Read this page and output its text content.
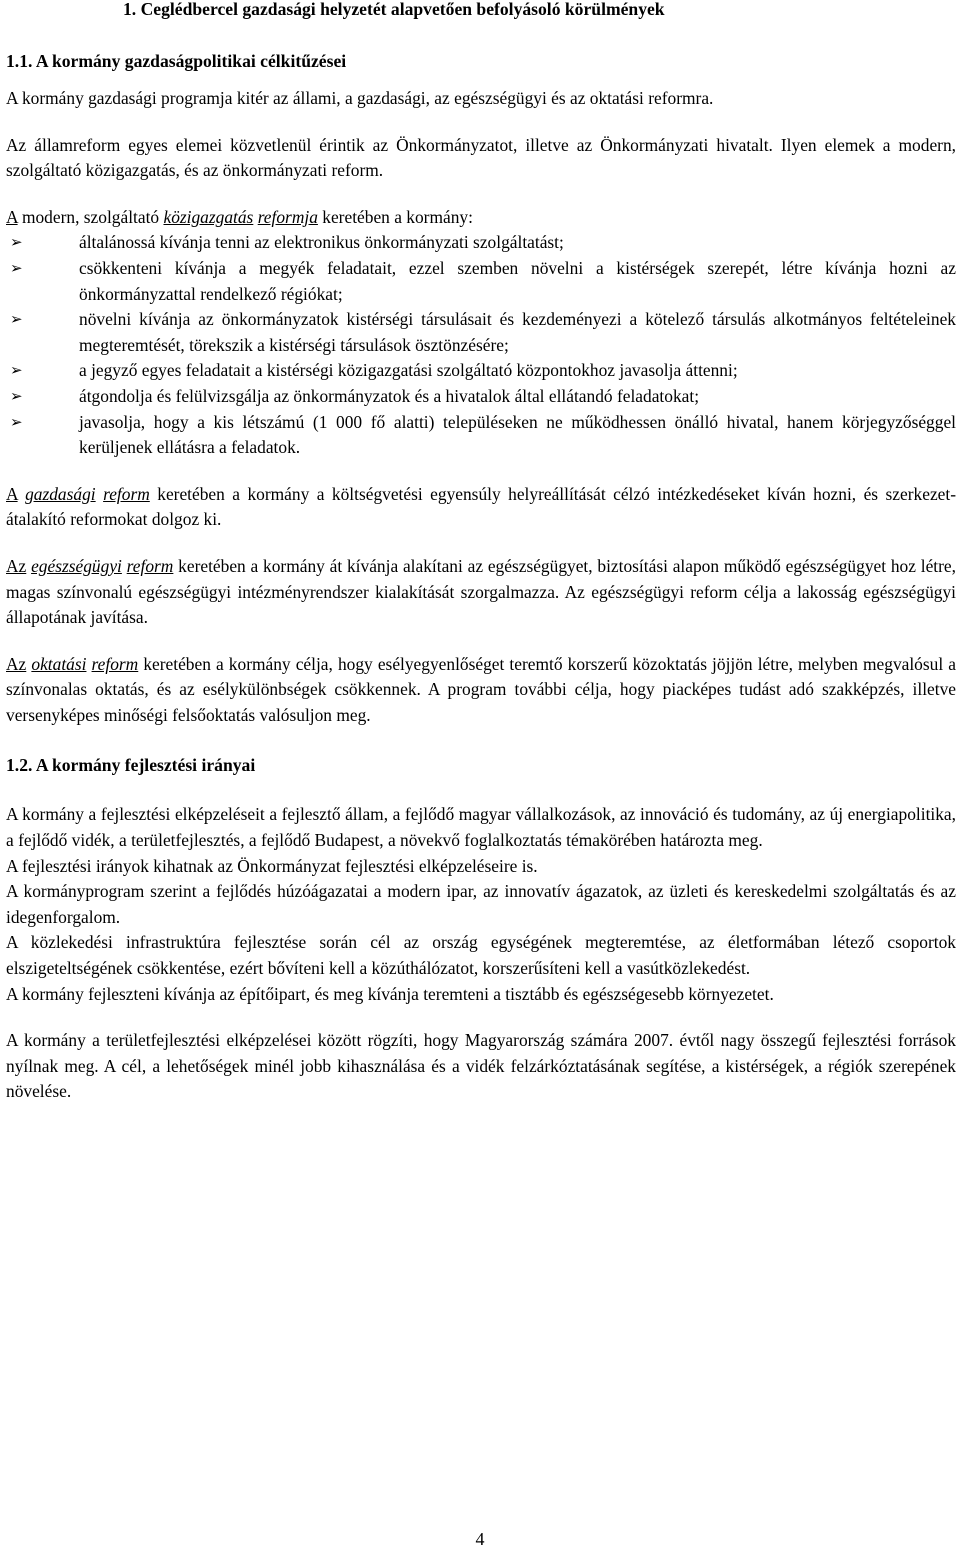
1. Ceglédbercel gazdasági helyzetét alapvetően befolyásoló körülmények

1.1. A kormány gazdaságpolitikai célkitűzései

A kormány gazdasági programja kitér az állami, a gazdasági, az egészségügyi és az oktatási reformra.

Az államreform egyes elemei közvetlenül érintik az Önkormányzatot, illetve az Önkormányzati hivatalt. Ilyen elemek a modern, szolgáltató közigazgatás, és az önkormányzati reform.

A modern, szolgáltató közigazgatás reformja keretében a kormány:

➢	általánossá kívánja tenni az elektronikus önkormányzati szolgáltatást;
➢	csökkenteni kívánja a megyék feladatait, ezzel szemben növelni a kistérségek szerepét, létre kívánja hozni az önkormányzattal rendelkező régiókat;
➢	növelni kívánja az önkormányzatok kistérségi társulásait és kezdeményezi a kötelező társulás alkotmányos feltételeinek megteremtését, törekszik a kistérségi társulások ösztönzésére;
➢	a jegyző egyes feladatait a kistérségi közigazgatási szolgáltató központokhoz javasolja áttenni;
➢	átgondolja és felülvizsgálja az önkormányzatok és a hivatalok által ellátandó feladatokat;
➢	javasolja, hogy a kis létszámú (1 000 fő alatti) településeken ne működhessen önálló hivatal, hanem körjegyzőséggel kerüljenek ellátásra a feladatok.

A gazdasági reform keretében a kormány a költségvetési egyensúly helyreállítását célzó intézkedéseket kíván hozni, és szerkezet-átalakító reformokat dolgoz ki.

Az egészségügyi reform keretében a kormány át kívánja alakítani az egészségügyet, biztosítási alapon működő egészségügyet hoz létre, magas színvonalú egészségügyi intézményrendszer kialakítását szorgalmazza. Az egészségügyi reform célja a lakosság egészségügyi állapotának javítása.

Az oktatási reform keretében a kormány célja, hogy esélyegyenlőséget teremtő korszerű közoktatás jöjjön létre, melyben megvalósul a színvonalas oktatás, és az esélykülönbségek csökkennek. A program további célja, hogy piacképes tudást adó szakképzés, illetve versenyképes minőségi felsőoktatás valósuljon meg.

1.2. A kormány fejlesztési irányai

A kormány a fejlesztési elképzeléseit a fejlesztő állam, a fejlődő magyar vállalkozások, az innováció és tudomány, az új energiapolitika, a fejlődő vidék, a területfejlesztés, a fejlődő Budapest, a növekvő foglalkoztatás témakörében határozta meg.

A fejlesztési irányok kihatnak az Önkormányzat fejlesztési elképzeléseire is.

A kormányprogram szerint a fejlődés húzóágazatai a modern ipar, az innovatív ágazatok, az üzleti és kereskedelmi szolgáltatás és az idegenforgalom.

A közlekedési infrastruktúra fejlesztése során cél az ország egységének megteremtése, az életformában létező csoportok elszigeteltségének csökkentése, ezért bővíteni kell a közúthálózatot, korszerűsíteni kell a vasútközlekedést.

A kormány fejleszteni kívánja az építőipart, és meg kívánja teremteni a tisztább és egészségesebb környezetet.

A kormány a területfejlesztési elképzelései között rögzíti, hogy Magyarország számára 2007. évtől nagy összegű fejlesztési források nyílnak meg. A cél, a lehetőségek minél jobb kihasználása és a vidék felzárkóztatásának segítése, a kistérségek, a régiók szerepének növelése.

4
